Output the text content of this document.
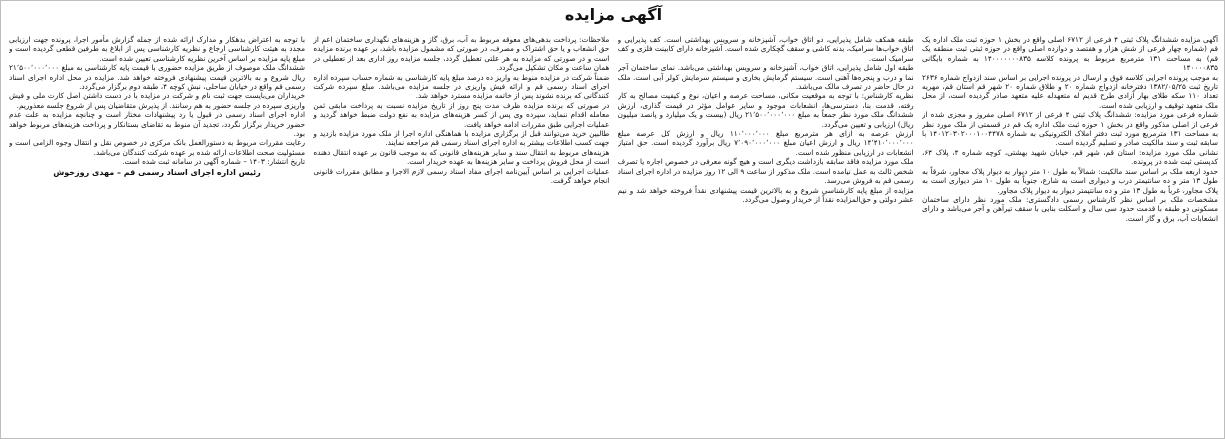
آگهی مزایده

آگهی مزایده ششدانگ پلاک ثبتی ۴ فرعی از ۶۷۱۲ اصلی واقع در بخش ۱ حوزه ثبت ملک اداره یک قم (شماره چهار فرعی از شش هزار و هفتصد و دوازده اصلی واقع در حوزه ثبتی ثبت منطقه یک قم) به مساحت ۱۳۱ مترمربع مربوط به پرونده کلاسه ۱۴۰۰۰۰۰۰۰۸۳۵ به شماره بایگانی ۱۴۰۰۰۰۸۳۵

به موجب پرونده اجرایی کلاسه فوق و ارسال در پرونده اجرایی بر اساس سند ازدواج شماره ۲۶۳۶ تاریخ ثبت ۱۳۸۲/۰۵/۲۵ دفترخانه ازدواج شماره ۲۰ و طلاق شماره ۲۰ شهر قم استان قم، مهریه تعداد ۱۱۰ سکه طلای بهار آزادی طرح قدیم له متعهدله علیه متعهد صادر گردیده است، از محل ملک متعهد توقیف و ارزیابی شده است.

شماره فرعی مورد مزایده: ششدانگ پلاک ثبتی ۴ فرعی از ۶۷۱۲ اصلی مفروز و مجزی شده از فرعی از اصلی مذکور واقع در بخش ۱ حوزه ثبت ملک اداره یک قم در قسمتی از ملک مورد نظر به مساحت ۱۳۱ مترمربع مورد ثبت دفتر املاک الکترونیکی به شماره ۱۴۰۱۲۰۳۰۲۰۰۰۱۰۰۴۴۷۸ با سابقه ثبت و سند مالکیت صادر و تسلیم گردیده است.

نشانی ملک مورد مزایده: استان قم، شهر قم، خیابان شهید بهشتی، کوچه شماره ۴، پلاک ۶۴، کدپستی ثبت شده در پرونده.

حدود اربعه ملک بر اساس سند مالکیت: شمالاً به طول ۱۰ متر دیوار به دیوار پلاک مجاور، شرقاً به طول ۱۳ متر و ده سانتیمتر درب و دیواری است به شارع، جنوباً به طول ۱۰ متر دیواری است به پلاک مجاور، غرباً به طول ۱۳ متر و ده سانتیمتر دیوار به دیوار پلاک مجاور.

مشخصات ملک بر اساس نظر کارشناس رسمی دادگستری: ملک مورد نظر دارای ساختمان مسکونی دو طبقه با قدمت حدود سی سال و اسکلت بنایی با سقف تیرآهن و آجر می‌باشد و دارای انشعابات آب، برق و گاز است.

طبقه همکف شامل پذیرایی، دو اتاق خواب، آشپزخانه و سرویس بهداشتی است. کف پذیرایی و اتاق خواب‌ها سرامیک، بدنه کاشی و سقف گچکاری شده است. آشپزخانه دارای کابینت فلزی و کف سرامیک است.

طبقه اول شامل پذیرایی، اتاق خواب، آشپزخانه و سرویس بهداشتی می‌باشد. نمای ساختمان آجر نما و درب و پنجره‌ها آهنی است. سیستم گرمایش بخاری و سیستم سرمایش کولر آبی است. ملک در حال حاضر در تصرف مالک می‌باشد.

نظریه کارشناس: با توجه به موقعیت مکانی، مساحت عرصه و اعیان، نوع و کیفیت مصالح به کار رفته، قدمت بنا، دسترسی‌ها، انشعابات موجود و سایر عوامل مؤثر در قیمت گذاری، ارزش ششدانگ ملک مورد نظر جمعاً به مبلغ ۲۱٬۵۰۰٬۰۰۰٬۰۰۰ ریال (بیست و یک میلیارد و پانصد میلیون ریال) ارزیابی و تعیین می‌گردد.

ارزش عرصه به ازای هر مترمربع مبلغ ۱۱۰٬۰۰۰٬۰۰۰ ریال و ارزش کل عرصه مبلغ ۱۴٬۴۱۰٬۰۰۰٬۰۰۰ ریال و ارزش اعیان مبلغ ۷٬۰۹۰٬۰۰۰٬۰۰۰ ریال برآورد گردیده است. حق امتیاز انشعابات در ارزیابی منظور شده است.

ملک مورد مزایده فاقد سابقه بازداشت دیگری است و هیچ گونه معرفی در خصوص اجاره یا تصرف شخص ثالث به عمل نیامده است. ملک مذکور از ساعت ۹ الی ۱۲ روز مزایده در اداره اجرای اسناد رسمی قم به فروش می‌رسد.

مزایده از مبلغ پایه کارشناسی شروع و به بالاترین قیمت پیشنهادی نقداً فروخته خواهد شد و نیم عشر دولتی و حق‌المزایده نقداً از خریدار وصول می‌گردد.

ملاحظات: پرداخت بدهی‌های معوقه مربوط به آب، برق، گاز و هزینه‌های نگهداری ساختمان اعم از حق انشعاب و یا حق اشتراک و مصرف، در صورتی که مشمول مزایده باشد، بر عهده برنده مزایده است و در صورتی که مزایده به هر علتی تعطیل گردد، جلسه مزایده روز اداری بعد از تعطیلی در همان ساعت و مکان تشکیل می‌گردد.

ضمناً شرکت در مزایده منوط به واریز ده درصد مبلغ پایه کارشناسی به شماره حساب سپرده اداره اجرای اسناد رسمی قم و ارائه فیش واریزی در جلسه مزایده می‌باشد. مبلغ سپرده شرکت کنندگانی که برنده نشوند پس از خاتمه مزایده مسترد خواهد شد.

در صورتی که برنده مزایده ظرف مدت پنج روز از تاریخ مزایده نسبت به پرداخت مابقی ثمن معامله اقدام ننماید، سپرده وی پس از کسر هزینه‌های مزایده به نفع دولت ضبط خواهد گردید و عملیات اجرایی طبق مقررات ادامه خواهد یافت.

طالبین خرید می‌توانند قبل از برگزاری مزایده با هماهنگی اداره اجرا از ملک مورد مزایده بازدید و جهت کسب اطلاعات بیشتر به اداره اجرای اسناد رسمی قم مراجعه نمایند.

هزینه‌های مربوط به انتقال سند و سایر هزینه‌های قانونی که به موجب قانون بر عهده انتقال دهنده است از محل فروش پرداخت و سایر هزینه‌ها به عهده خریدار است.

عملیات اجرایی بر اساس آیین‌نامه اجرای مفاد اسناد رسمی لازم الاجرا و مطابق مقررات قانونی انجام خواهد گرفت.

با توجه به اعتراض بدهکار و مدارک ارائه شده از جمله گزارش مأمور اجرا، پرونده جهت ارزیابی مجدد به هیئت کارشناسی ارجاع و نظریه کارشناسی پس از ابلاغ به طرفین قطعی گردیده است و مبلغ پایه مزایده بر اساس آخرین نظریه کارشناسی تعیین شده است.

ششدانگ ملک موصوف از طریق مزایده حضوری با قیمت پایه کارشناسی به مبلغ ۲۱٬۵۰۰٬۰۰۰٬۰۰۰ ریال شروع و به بالاترین قیمت پیشنهادی فروخته خواهد شد. مزایده در محل اداره اجرای اسناد رسمی قم واقع در خیابان ساحلی، نبش کوچه ۴، طبقه دوم برگزار می‌گردد.

خریداران می‌بایست جهت ثبت نام و شرکت در مزایده با در دست داشتن اصل کارت ملی و فیش واریزی سپرده در جلسه حضور به هم رسانند. از پذیرش متقاضیان پس از شروع جلسه معذوریم.

اداره اجرای اسناد رسمی در قبول یا رد پیشنهادات مختار است و چنانچه مزایده به علت عدم حضور خریدار برگزار نگردد، تجدید آن منوط به تقاضای بستانکار و پرداخت هزینه‌های مربوط خواهد بود.

رعایت مقررات مربوط به دستورالعمل بانک مرکزی در خصوص نقل و انتقال وجوه الزامی است و مسئولیت صحت اطلاعات ارائه شده بر عهده شرکت کنندگان می‌باشد.

تاریخ انتشار: ۱۴۰۳ – شماره آگهی در سامانه ثبت شده است.

رئیس اداره اجرای اسناد رسمی قم – مهدی روزخوش
